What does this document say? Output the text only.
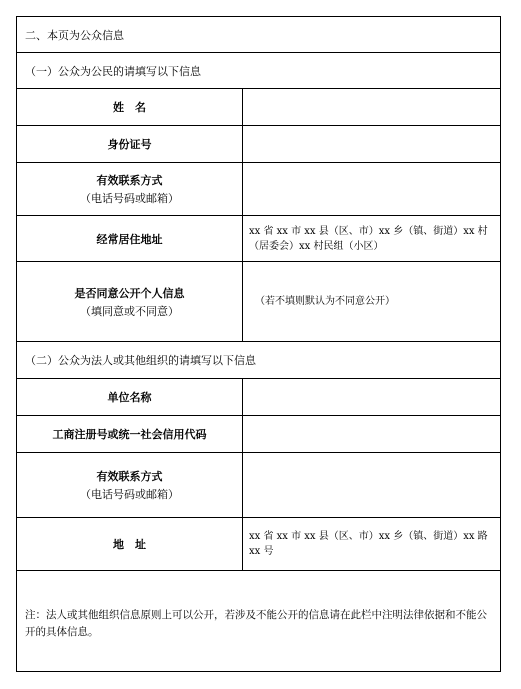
二、本页为公众信息
（一）公众为公民的请填写以下信息
姓　名
身份证号
有效联系方式
（电话号码或邮箱）
经常居住地址
xx 省 xx 市 xx 县（区、市）xx 乡（镇、街道）xx 村（居委会）xx 村民组（小区）
是否同意公开个人信息
（填同意或不同意）
（若不填则默认为不同意公开）
（二）公众为法人或其他组织的请填写以下信息
单位名称
工商注册号或统一社会信用代码
有效联系方式
（电话号码或邮箱）
地　址
xx 省 xx 市 xx 县（区、市）xx 乡（镇、街道）xx 路 xx 号
注：法人或其他组织信息原则上可以公开，若涉及不能公开的信息请在此栏中注明法律依据和不能公开的具体信息。
